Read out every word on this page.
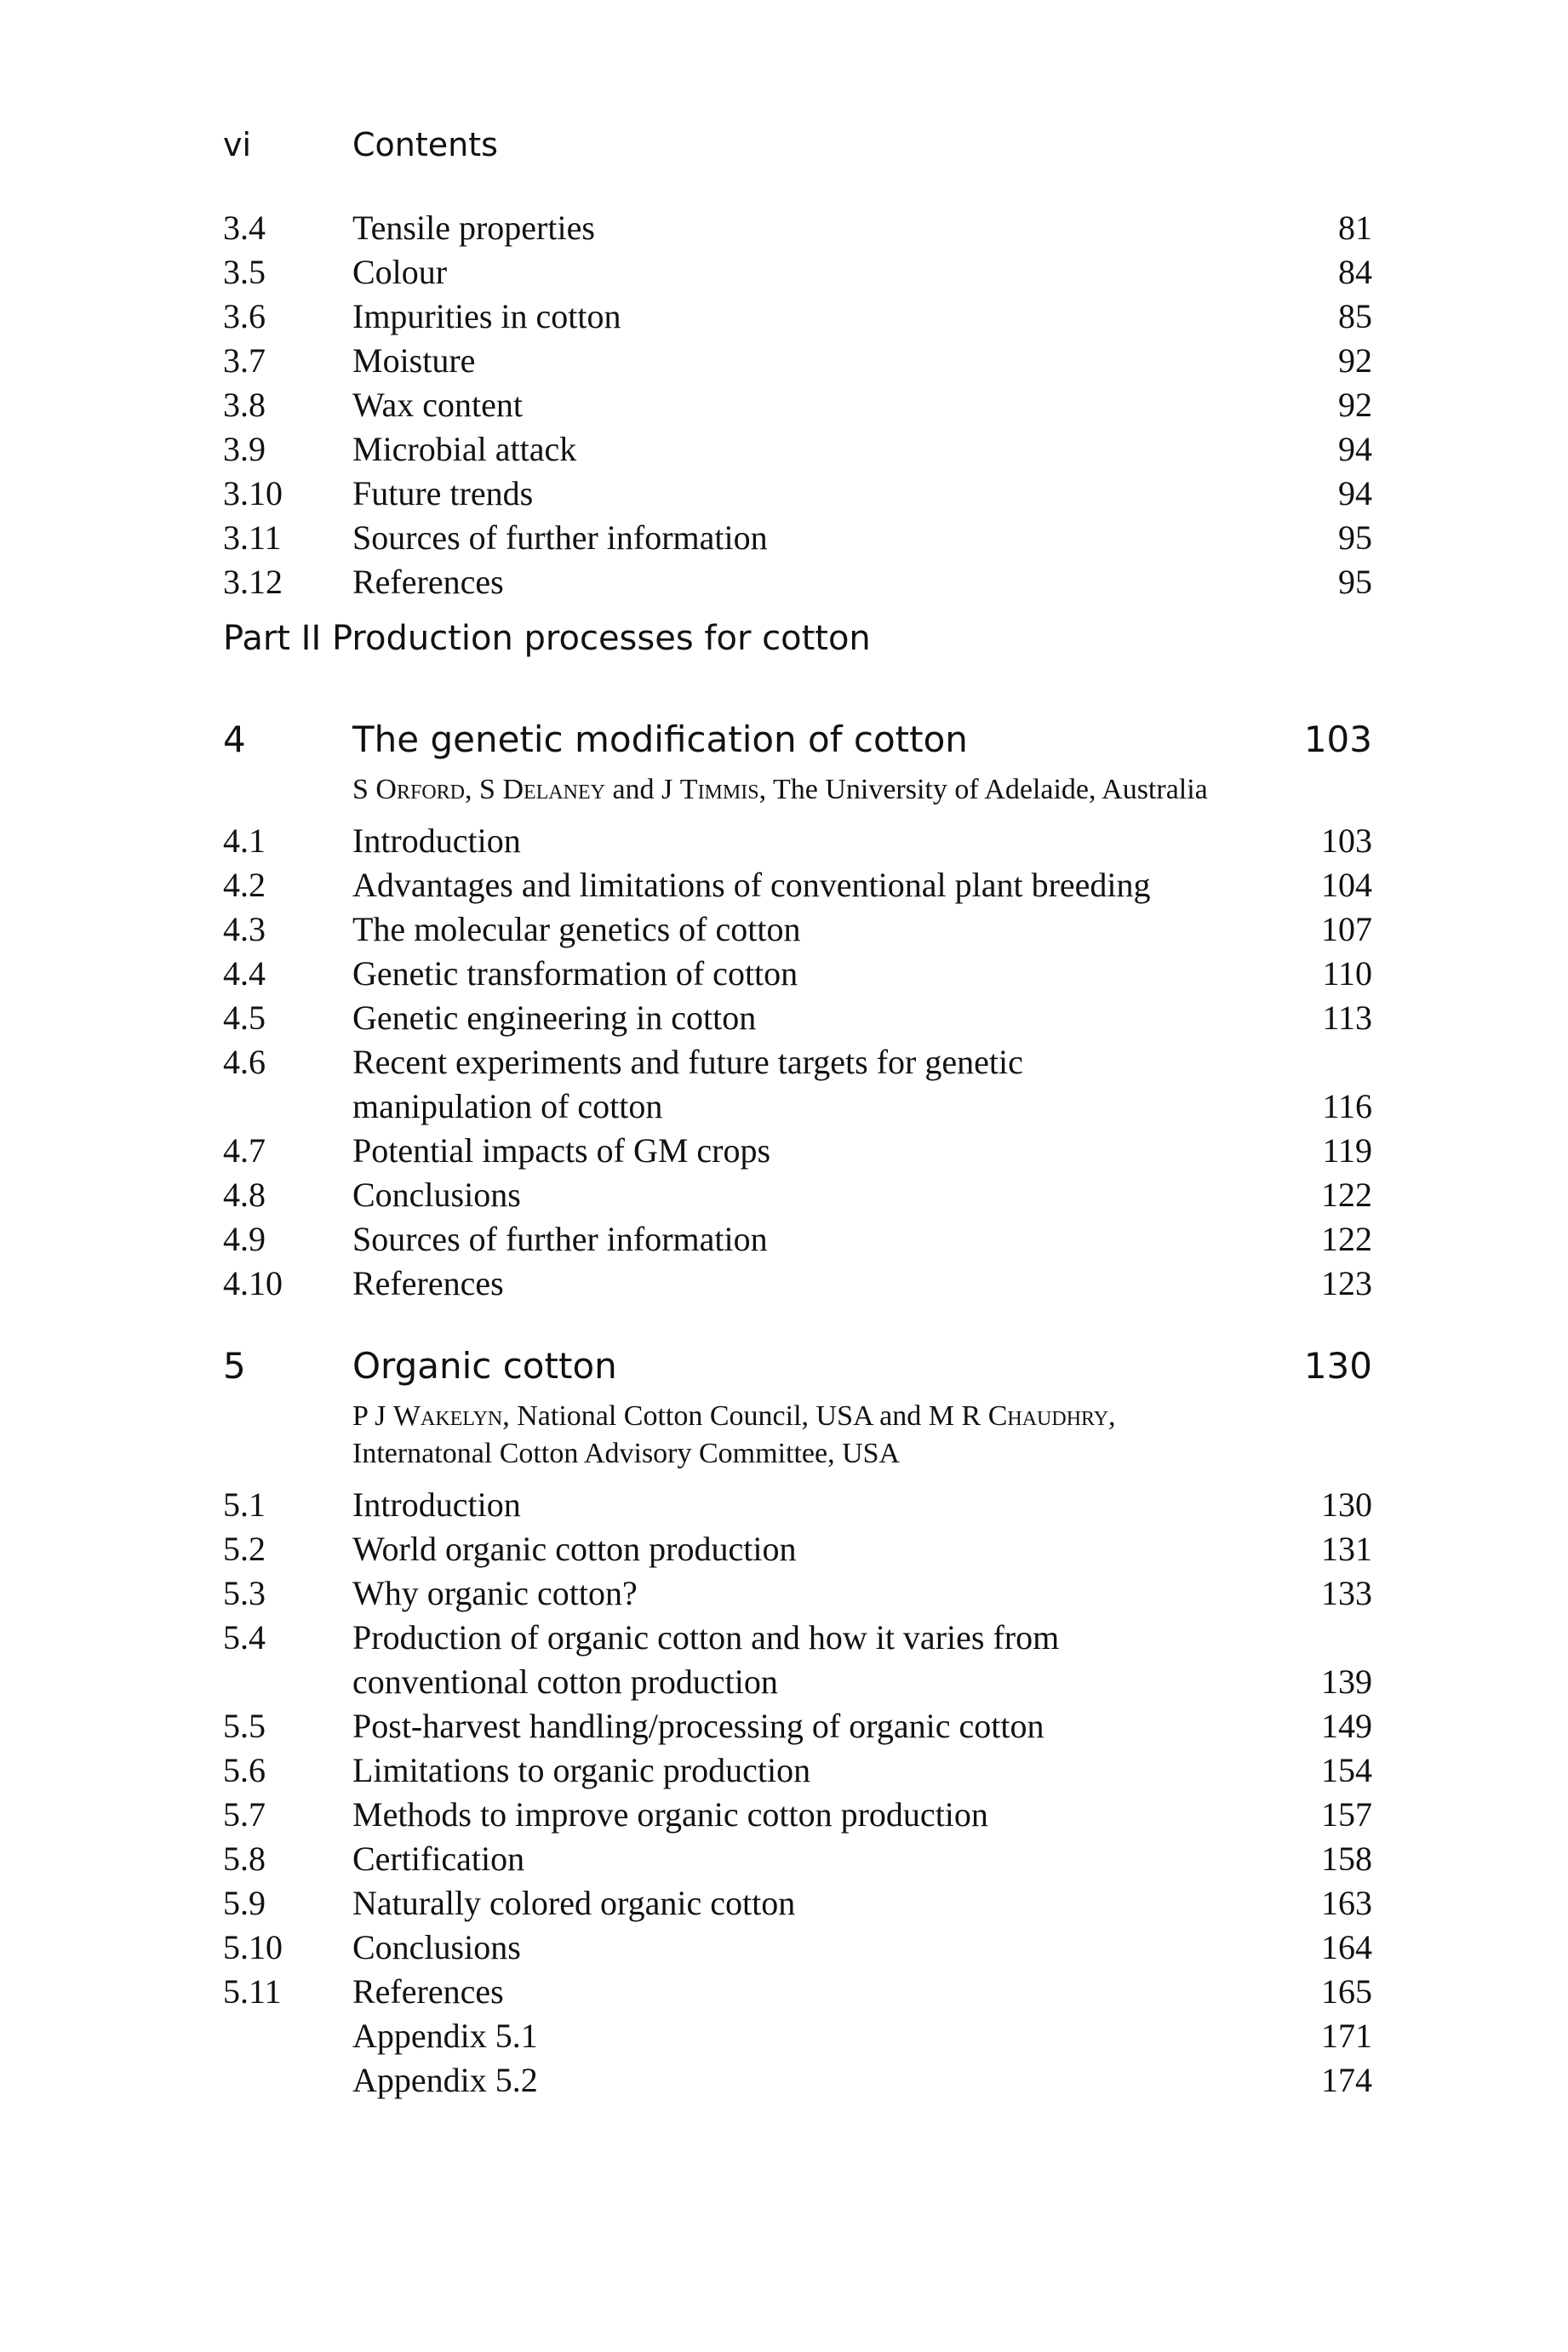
vi	Contents
3.4	Tensile properties	81
3.5	Colour	84
3.6	Impurities in cotton	85
3.7	Moisture	92
3.8	Wax content	92
3.9	Microbial attack	94
3.10	Future trends	94
3.11	Sources of further information	95
3.12	References	95
Part II Production processes for cotton
4	The genetic modification of cotton	103
S Orford, S Delaney and J Timmis, The University of Adelaide, Australia
4.1	Introduction	103
4.2	Advantages and limitations of conventional plant breeding	104
4.3	The molecular genetics of cotton	107
4.4	Genetic transformation of cotton	110
4.5	Genetic engineering in cotton	113
4.6	Recent experiments and future targets for genetic
manipulation of cotton	116
4.7	Potential impacts of GM crops	119
4.8	Conclusions	122
4.9	Sources of further information	122
4.10	References	123
5	Organic cotton	130
P J Wakelyn, National Cotton Council, USA and M R Chaudhry, Internatonal Cotton Advisory Committee, USA
5.1	Introduction	130
5.2	World organic cotton production	131
5.3	Why organic cotton?	133
5.4	Production of organic cotton and how it varies from
conventional cotton production	139
5.5	Post-harvest handling/processing of organic cotton	149
5.6	Limitations to organic production	154
5.7	Methods to improve organic cotton production	157
5.8	Certification	158
5.9	Naturally colored organic cotton	163
5.10	Conclusions	164
5.11	References	165
Appendix 5.1	171
Appendix 5.2	174
